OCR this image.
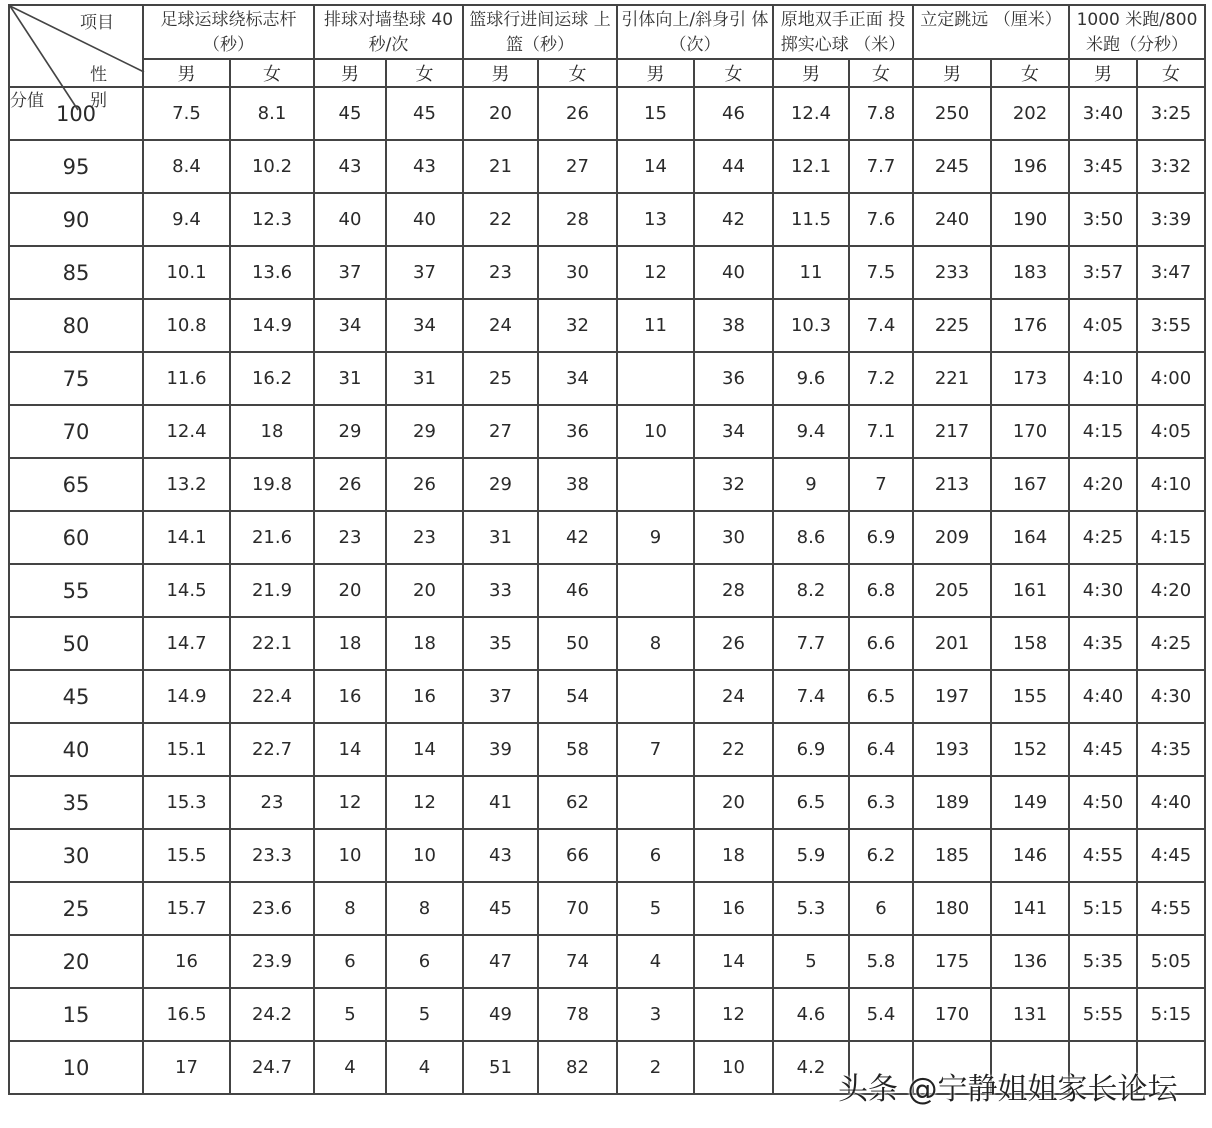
项目
性
别
分值	足球运球绕标志杆 （秒）		排球对墙垫球 40 秒/次		篮球行进间运球 上篮（秒）		引体向上/斜身引 体（次）		原地双手正面 投掷实心球 （米）		立定跳远 （厘米）		1000 米跑/800 米跑（分秒）	
	男	女	男	女	男	女	男	女	男	女	男	女	男	女
100	7.5	8.1	45	45	20	26	15	46	12.4	7.8	250	202	3:40	3:25
95	8.4	10.2	43	43	21	27	14	44	12.1	7.7	245	196	3:45	3:32
90	9.4	12.3	40	40	22	28	13	42	11.5	7.6	240	190	3:50	3:39
85	10.1	13.6	37	37	23	30	12	40	11	7.5	233	183	3:57	3:47
80	10.8	14.9	34	34	24	32	11	38	10.3	7.4	225	176	4:05	3:55
75	11.6	16.2	31	31	25	34		36	9.6	7.2	221	173	4:10	4:00
70	12.4	18	29	29	27	36	10	34	9.4	7.1	217	170	4:15	4:05
65	13.2	19.8	26	26	29	38		32	9	7	213	167	4:20	4:10
60	14.1	21.6	23	23	31	42	9	30	8.6	6.9	209	164	4:25	4:15
55	14.5	21.9	20	20	33	46		28	8.2	6.8	205	161	4:30	4:20
50	14.7	22.1	18	18	35	50	8	26	7.7	6.6	201	158	4:35	4:25
45	14.9	22.4	16	16	37	54		24	7.4	6.5	197	155	4:40	4:30
40	15.1	22.7	14	14	39	58	7	22	6.9	6.4	193	152	4:45	4:35
35	15.3	23	12	12	41	62		20	6.5	6.3	189	149	4:50	4:40
30	15.5	23.3	10	10	43	66	6	18	5.9	6.2	185	146	4:55	4:45
25	15.7	23.6	8	8	45	70	5	16	5.3	6	180	141	5:15	4:55
20	16	23.9	6	6	47	74	4	14	5	5.8	175	136	5:35	5:05
15	16.5	24.2	5	5	49	78	3	12	4.6	5.4	170	131	5:55	5:15
10	17	24.7	4	4	51	82	2	10	4.2					
头条 @宁静姐姐家长论坛
